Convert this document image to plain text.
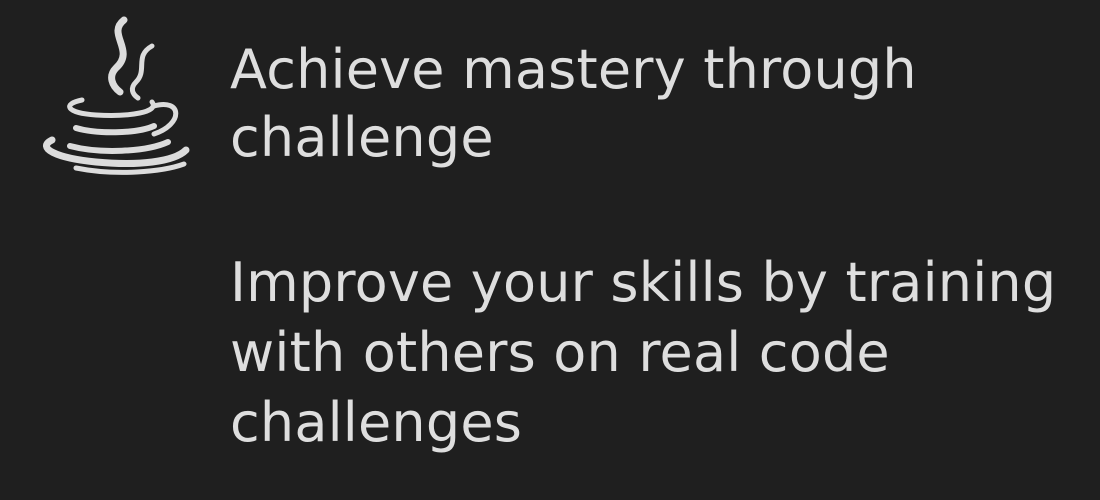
Achieve mastery through challenge

Improve your skills by training with others on real code challenges
